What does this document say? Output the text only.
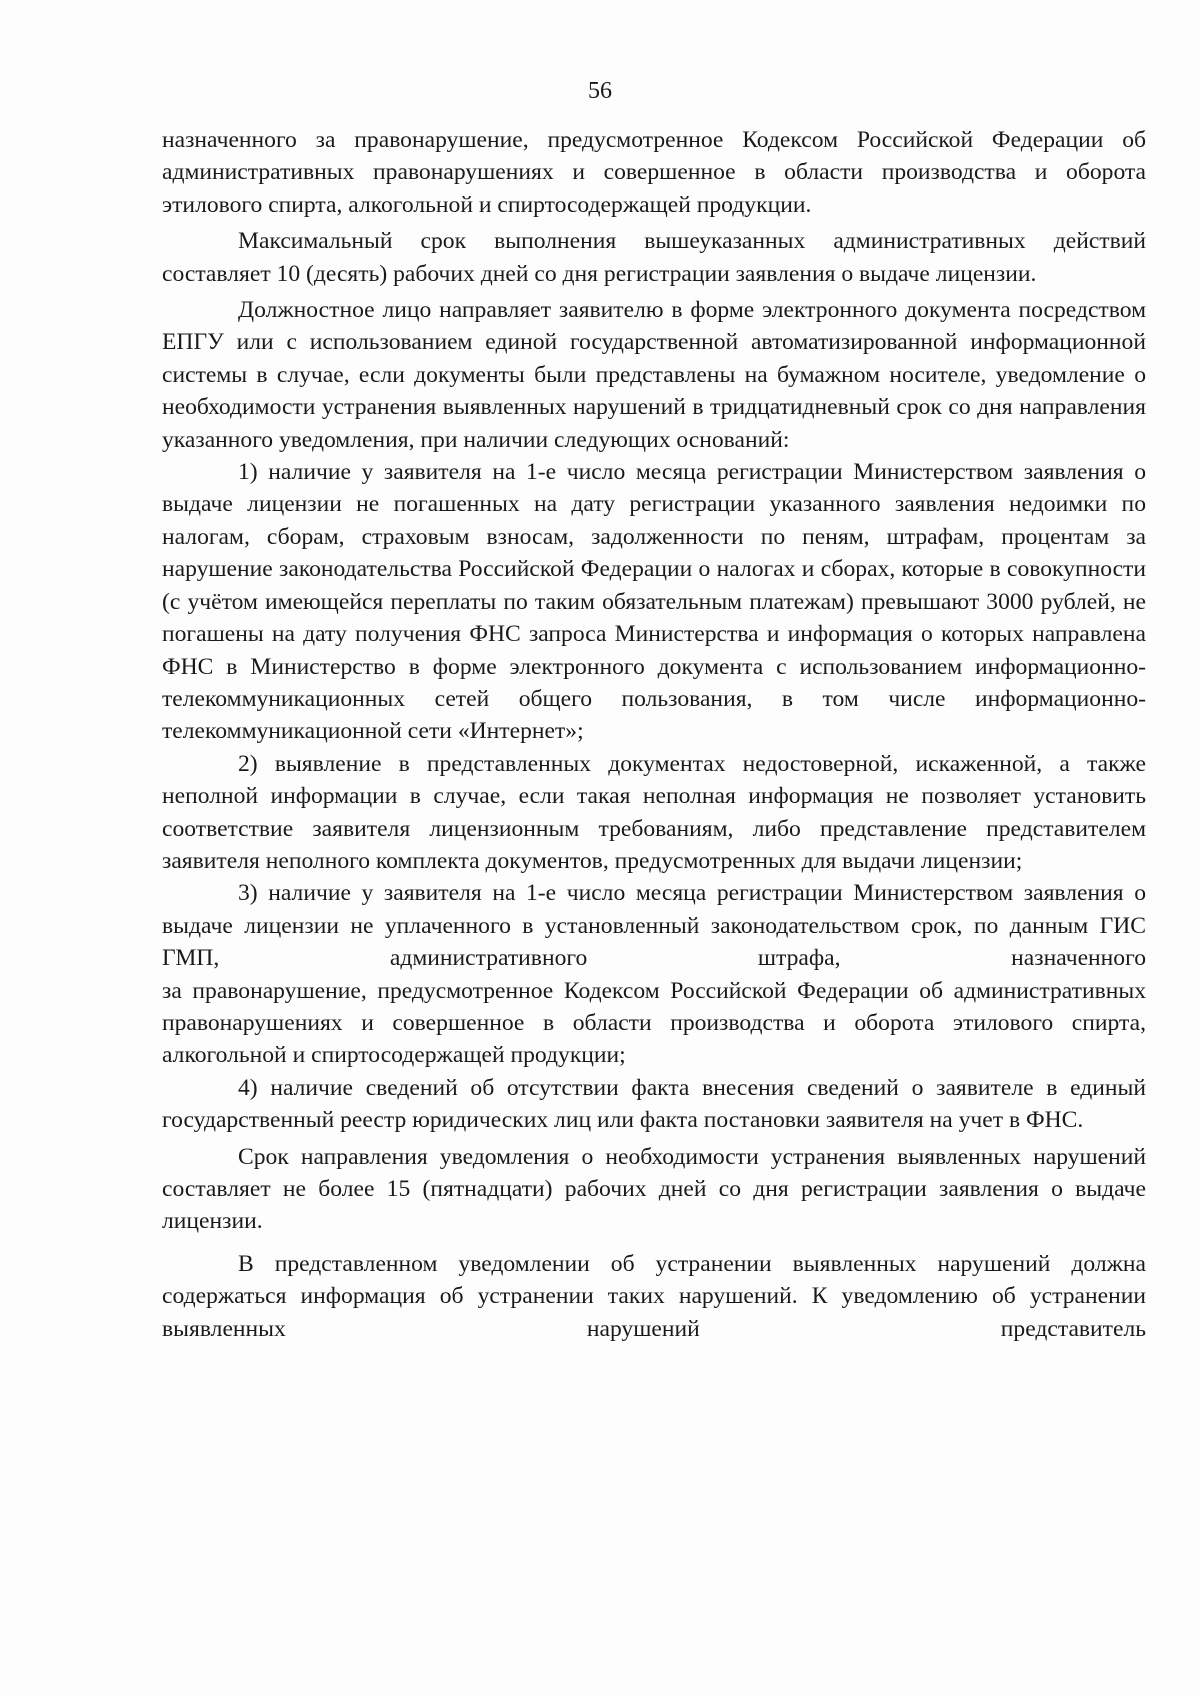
56

назначенного за правонарушение, предусмотренное Кодексом Российской Федерации об административных правонарушениях и совершенное в области производства и оборота этилового спирта, алкогольной и спиртосодержащей продукции.

Максимальный срок выполнения вышеуказанных административных действий составляет 10 (десять) рабочих дней со дня регистрации заявления о выдаче лицензии.

Должностное лицо направляет заявителю в форме электронного документа посредством ЕПГУ или с использованием единой государственной автоматизированной информационной системы в случае, если документы были представлены на бумажном носителе, уведомление о необходимости устранения выявленных нарушений в тридцатидневный срок со дня направления указанного уведомления, при наличии следующих оснований:

1) наличие у заявителя на 1-е число месяца регистрации Министерством заявления о выдаче лицензии не погашенных на дату регистрации указанного заявления недоимки по налогам, сборам, страховым взносам, задолженности по пеням, штрафам, процентам за нарушение законодательства Российской Федерации о налогах и сборах, которые в совокупности (с учётом имеющейся переплаты по таким обязательным платежам) превышают 3000 рублей, не погашены на дату получения ФНС запроса Министерства и информация о которых направлена ФНС в Министерство в форме электронного документа с использованием информационно-телекоммуникационных сетей общего пользования, в том числе информационно-телекоммуникационной сети «Интернет»;

2) выявление в представленных документах недостоверной, искаженной, а также неполной информации в случае, если такая неполная информация не позволяет установить соответствие заявителя лицензионным требованиям, либо представление представителем заявителя неполного комплекта документов, предусмотренных для выдачи лицензии;

3) наличие у заявителя на 1-е число месяца регистрации Министерством заявления о выдаче лицензии не уплаченного в установленный законодательством срок, по данным ГИС ГМП, административного штрафа, назначенного

за правонарушение, предусмотренное Кодексом Российской Федерации об административных правонарушениях и совершенное в области производства и оборота этилового спирта, алкогольной и спиртосодержащей продукции;

4) наличие сведений об отсутствии факта внесения сведений о заявителе в единый государственный реестр юридических лиц или факта постановки заявителя на учет в ФНС.

Срок направления уведомления о необходимости устранения выявленных нарушений составляет не более 15 (пятнадцати) рабочих дней со дня регистрации заявления о выдаче лицензии.

В представленном уведомлении об устранении выявленных нарушений должна содержаться информация об устранении таких нарушений. К уведомлению об устранении выявленных нарушений представитель
